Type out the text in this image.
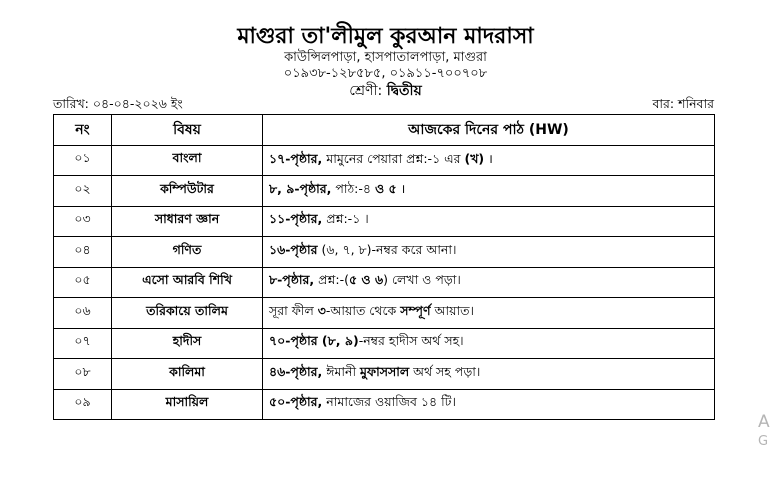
মাগুরা তা'লীমুল কুরআন মাদরাসা
কাউন্সিলপাড়া, হাসপাতালপাড়া, মাগুরা
০১৯৩৮-১২৮৫৮৫, ০১৯১১-৭০০৭০৮
শ্রেণী: দ্বিতীয়
তারিখ: ০৪-০৪-২০২৬ ইং	বার: শনিবার
নং	বিষয়	আজকের দিনের পাঠ (HW)
০১	বাংলা	১৭-পৃষ্ঠার, মামুনের পেয়ারা প্রশ্ন:-১ এর (খ) ।
০২	কম্পিউটার	৮, ৯-পৃষ্ঠার, পাঠ:-৪ ও ৫ ।
০৩	সাধারণ জ্ঞান	১১-পৃষ্ঠার, প্রশ্ন:-১ ।
০৪	গণিত	১৬-পৃষ্ঠার (৬, ৭, ৮)-নম্বর করে আনা।
০৫	এসো আরবি শিখি	৮-পৃষ্ঠার, প্রশ্ন:-(৫ ও ৬) লেখা ও পড়া।
০৬	তরিকায়ে তালিম	সূরা ফীল ৩-আয়াত থেকে সম্পূর্ণ আয়াত।
০৭	হাদীস	৭০-পৃষ্ঠার (৮, ৯)-নম্বর হাদীস অর্থ সহ।
০৮	কালিমা	৪৬-পৃষ্ঠার, ঈমানী মুফাসসাল অর্থ সহ পড়া।
০৯	মাসায়িল	৫০-পৃষ্ঠার, নামাজের ওয়াজিব ১৪ টি।
A
G
